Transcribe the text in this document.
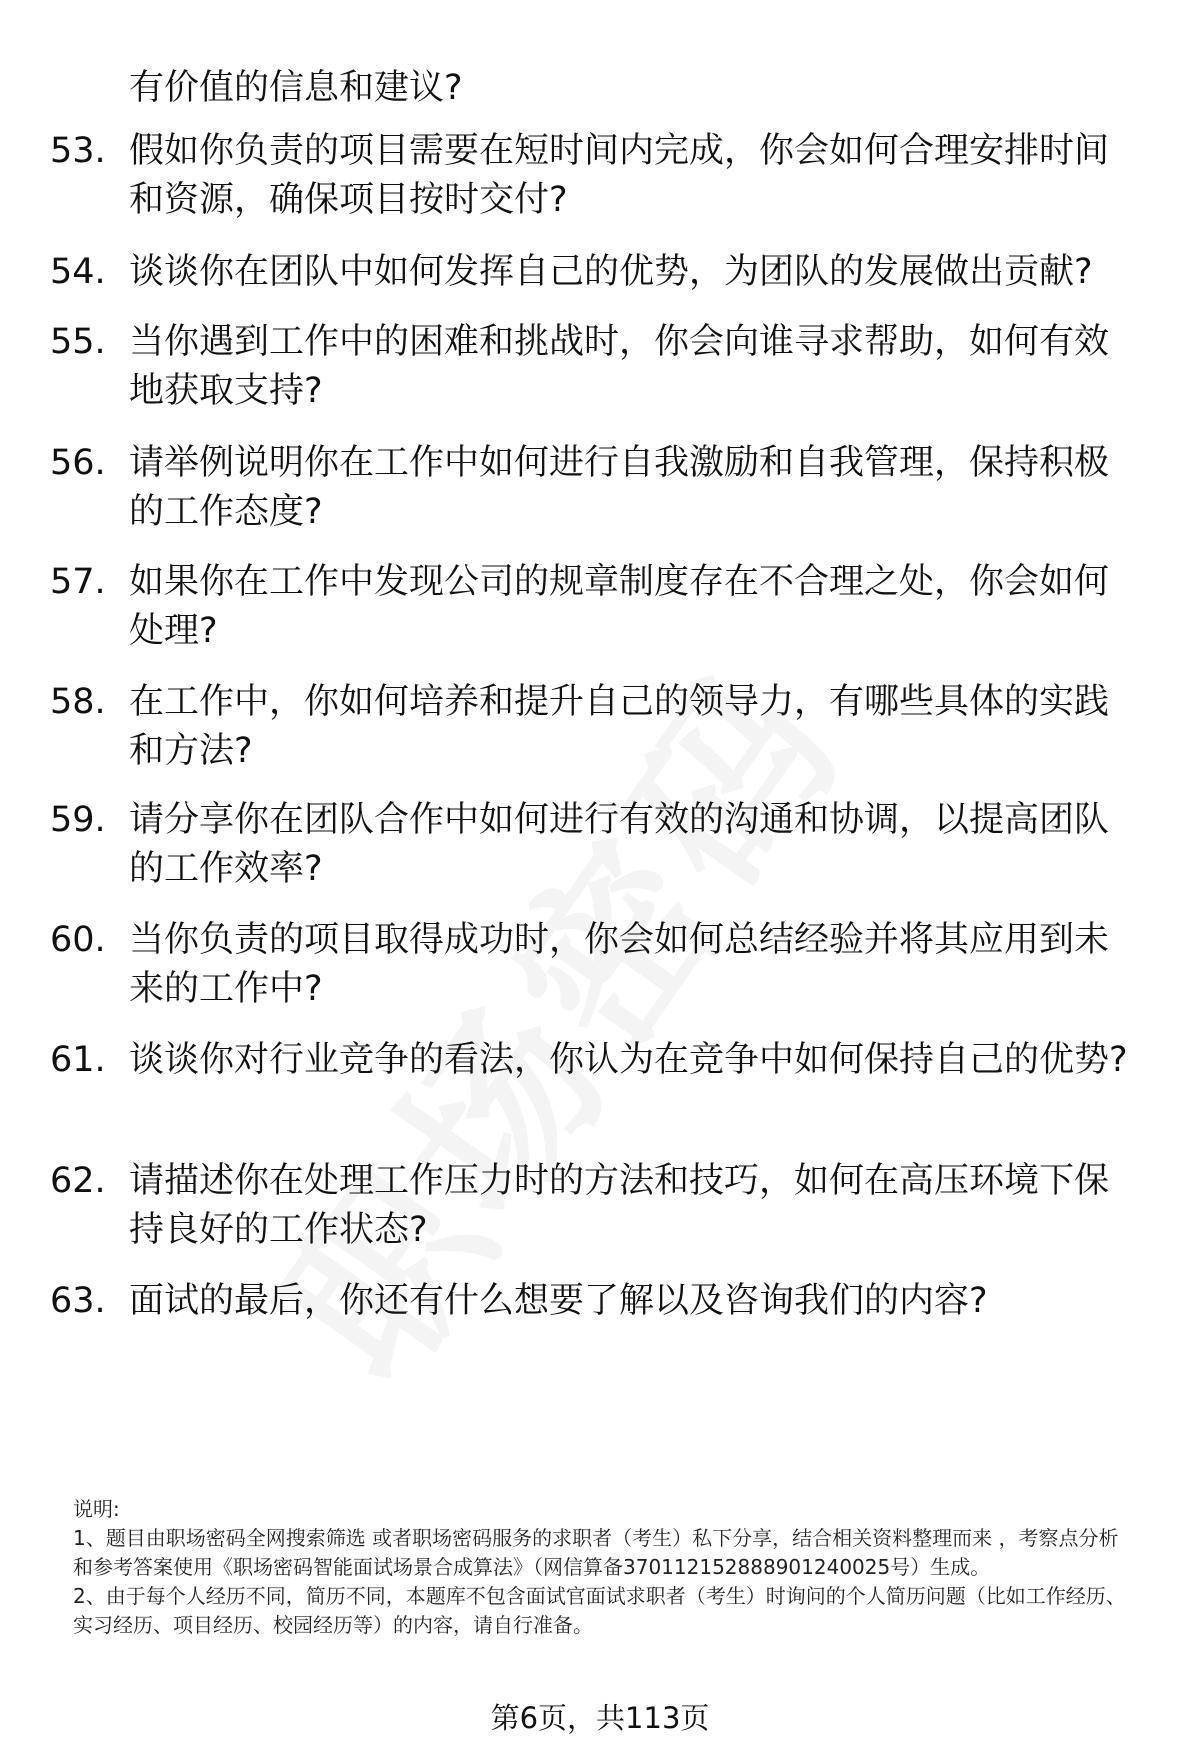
有价值的信息和建议?
53. 假如你负责的项目需要在短时间内完成，你会如何合理安排时间和资源，确保项目按时交付?
54. 谈谈你在团队中如何发挥自己的优势，为团队的发展做出贡献?
55. 当你遇到工作中的困难和挑战时，你会向谁寻求帮助，如何有效地获取支持?
56. 请举例说明你在工作中如何进行自我激励和自我管理，保持积极的工作态度?
57. 如果你在工作中发现公司的规章制度存在不合理之处，你会如何处理?
58. 在工作中，你如何培养和提升自己的领导力，有哪些具体的实践和方法?
59. 请分享你在团队合作中如何进行有效的沟通和协调，以提高团队的工作效率?
60. 当你负责的项目取得成功时，你会如何总结经验并将其应用到未来的工作中?
61. 谈谈你对行业竞争的看法，你认为在竞争中如何保持自己的优势?
62. 请描述你在处理工作压力时的方法和技巧，如何在高压环境下保持良好的工作状态?
63. 面试的最后，你还有什么想要了解以及咨询我们的内容?
说明:
1、题目由职场密码全网搜索筛选 或者职场密码服务的求职者（考生）私下分享，结合相关资料整理而来 ，考察点分析和参考答案使用《职场密码智能面试场景合成算法》（网信算备370112152888901240025号）生成。
2、由于每个人经历不同，简历不同，本题库不包含面试官面试求职者（考生）时询问的个人简历问题（比如工作经历、实习经历、项目经历、校园经历等）的内容，请自行准备。
第6页，共113页
